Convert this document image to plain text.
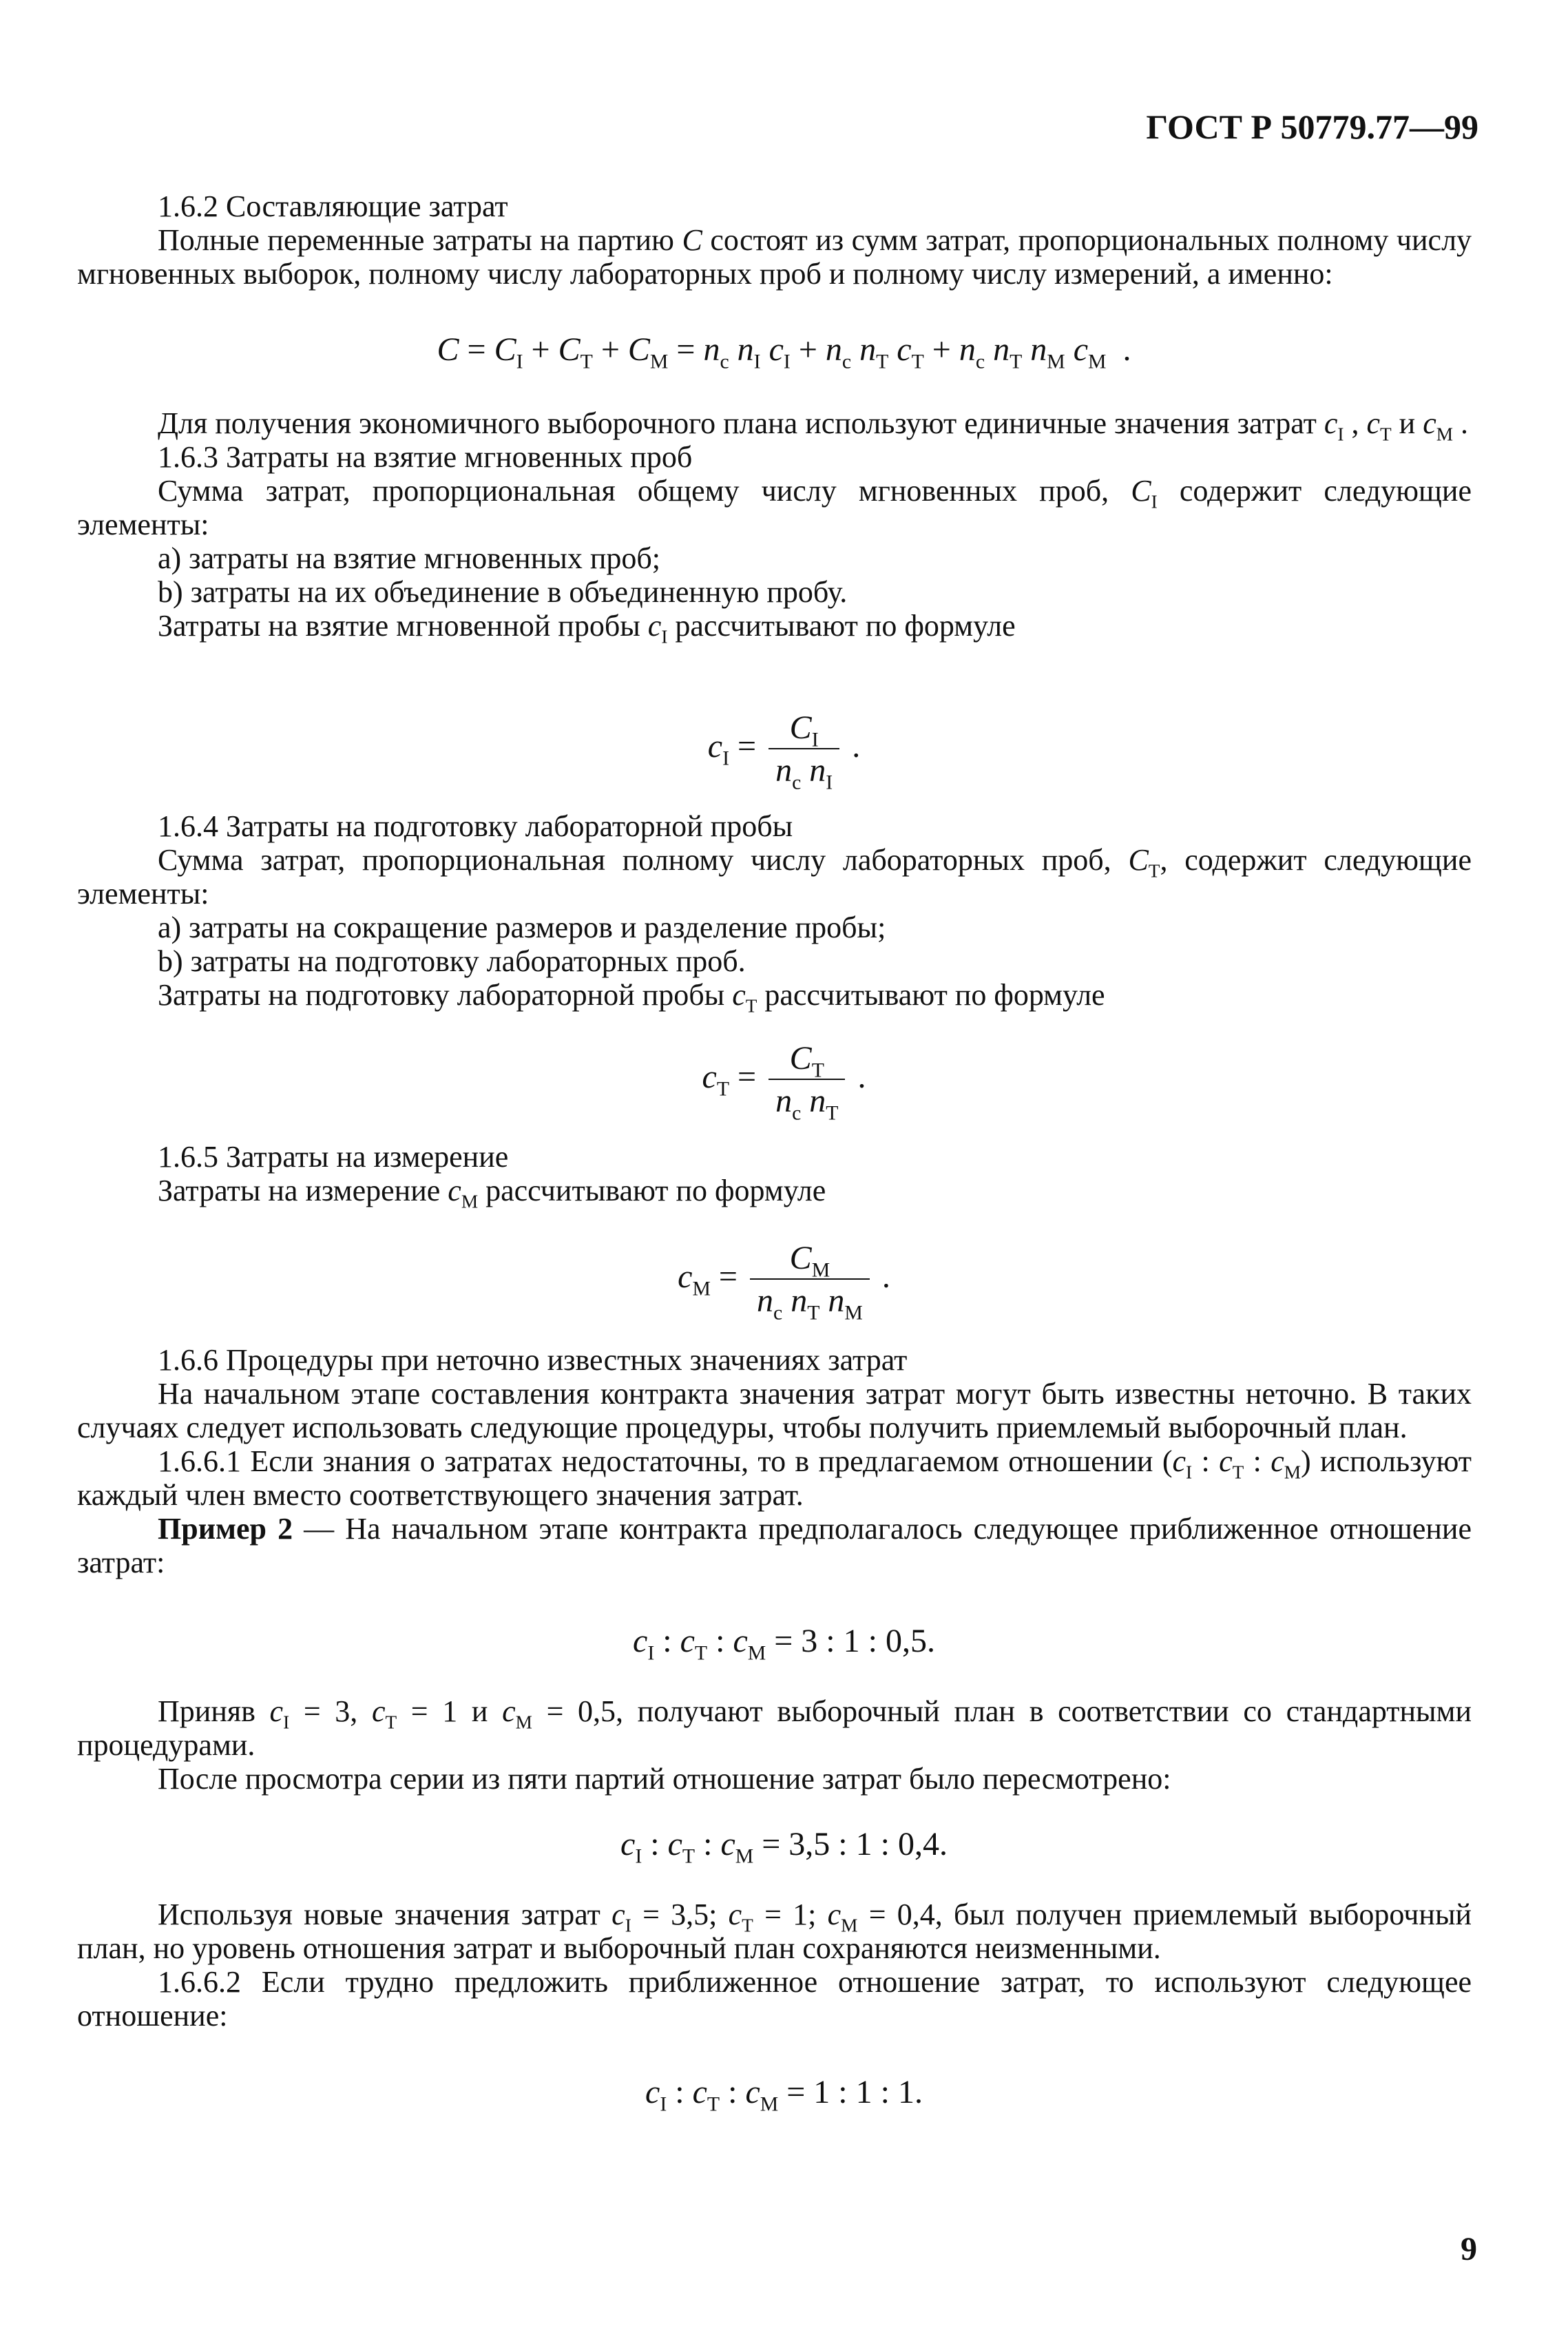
ГОСТ Р 50779.77—99

1.6.2 Составляющие затрат

Полные переменные затраты на партию C состоят из сумм затрат, пропорциональных полному числу мгновенных выборок, полному числу лабораторных проб и полному числу измерений, а именно:

$C = C_I + C_T + C_M = n_c$ $n_I$ $c_I + n_c$ $n_T$ $c_T + n_c$ $n_T$ $n_M$ $c_M$  .

Для получения экономичного выборочного плана используют единичные значения затрат $c_I$ , $c_T$ и $c_M$ .

1.6.3 Затраты на взятие мгновенных проб

Сумма затрат, пропорциональная общему числу мгновенных проб, $C_I$ содержит следующие элементы:

a) затраты на взятие мгновенных проб;

b) затраты на их объединение в объединенную пробу.

Затраты на взятие мгновенной пробы $c_I$ рассчитывают по формуле

$c_I = \frac{C_I}{n_c n_I}$ .

1.6.4 Затраты на подготовку лабораторной пробы

Сумма затрат, пропорциональная полному числу лабораторных проб, $C_T$, содержит следующие элементы:

a) затраты на сокращение размеров и разделение пробы;

b) затраты на подготовку лабораторных проб.

Затраты на подготовку лабораторной пробы $c_T$ рассчитывают по формуле

$c_T = \frac{C_T}{n_c n_T}$ .

1.6.5 Затраты на измерение

Затраты на измерение $c_M$ рассчитывают по формуле

$c_M = \frac{C_M}{n_c n_T n_M}$ .

1.6.6 Процедуры при неточно известных значениях затрат

На начальном этапе составления контракта значения затрат могут быть известны неточно. В таких случаях следует использовать следующие процедуры, чтобы получить приемлемый выборочный план.

1.6.6.1 Если знания о затратах недостаточны, то в предлагаемом отношении ($c_I$ : $c_T$ : $c_M$) используют каждый член вместо соответствующего значения затрат.

Пример 2 — На начальном этапе контракта предполагалось следующее приближенное отношение затрат:

$c_I$ : $c_T$ : $c_M = 3$ : 1 : 0,5.

Приняв $c_I = 3$, $c_T = 1$ и $c_M = 0,5$, получают выборочный план в соответствии со стандартными процедурами.

После просмотра серии из пяти партий отношение затрат было пересмотрено:

$c_I$ : $c_T$ : $c_M = 3,5$ : 1 : 0,4.

Используя новые значения затрат $c_I = 3,5$; $c_T = 1$; $c_M = 0,4$, был получен приемлемый выборочный план, но уровень отношения затрат и выборочный план сохраняются неизменными.

1.6.6.2 Если трудно предложить приближенное отношение затрат, то используют следующее отношение:

$c_I$ : $c_T$ : $c_M = 1$ : 1 : 1.
9
